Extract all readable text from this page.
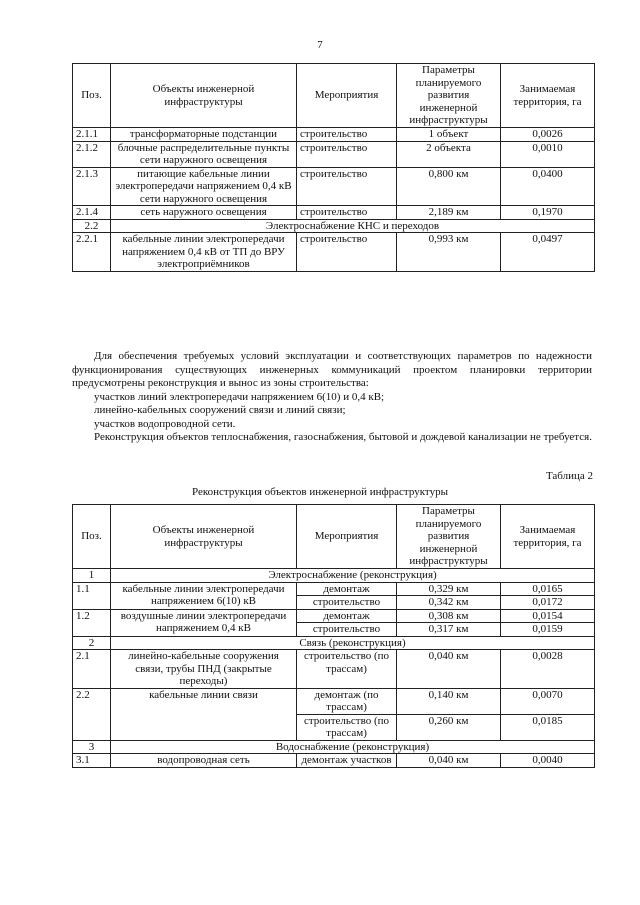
7
Поз.	Объекты инженерной инфраструктуры	Мероприятия	Параметры планируемого развития инженерной инфраструктуры	Занимаемая территория, га
2.1.1	трансформаторные подстанции	строительство	1 объект	0,0026
2.1.2	блочные распределительные пункты сети наружного освещения	строительство	2 объекта	0,0010
2.1.3	питающие кабельные линии электропередачи напряжением 0,4 кВ сети наружного освещения	строительство	0,800 км	0,0400
2.1.4	сеть наружного освещения	строительство	2,189 км	0,1970
2.2	Электроснабжение КНС и переходов			
2.2.1	кабельные линии электропередачи напряжением 0,4 кВ от ТП до ВРУ электроприёмников	строительство	0,993 км	0,0497

Для обеспечения требуемых условий эксплуатации и соответствующих параметров по надежности функционирования существующих инженерных коммуникаций проектом планировки территории предусмотрены реконструкция и вынос из зоны строительства:

участков линий электропередачи напряжением 6(10) и 0,4 кВ;

линейно-кабельных сооружений связи и линий связи;

участков водопроводной сети.

Реконструкция объектов теплоснабжения, газоснабжения, бытовой и дождевой канализации не требуется.

Таблица 2
Реконструкция объектов инженерной инфраструктуры
Поз.	Объекты инженерной инфраструктуры	Мероприятия	Параметры планируемого развития инженерной инфраструктуры	Занимаемая территория, га
1	Электроснабжение (реконструкция)			
1.1	кабельные линии электропередачи напряжением 6(10) кВ	демонтаж	0,329 км	0,0165
		строительство	0,342 км	0,0172
1.2	воздушные линии электропередачи напряжением 0,4 кВ	демонтаж	0,308 км	0,0154
		строительство	0,317 км	0,0159
2	Связь (реконструкция)			
2.1	линейно-кабельные сооружения связи, трубы ПНД (закрытые переходы)	строительство (по трассам)	0,040 км	0,0028
2.2	кабельные линии связи	демонтаж (по трассам)	0,140 км	0,0070
		строительство (по трассам)	0,260 км	0,0185
3	Водоснабжение (реконструкция)			
3.1	водопроводная сеть	демонтаж участков	0,040 км	0,0040
